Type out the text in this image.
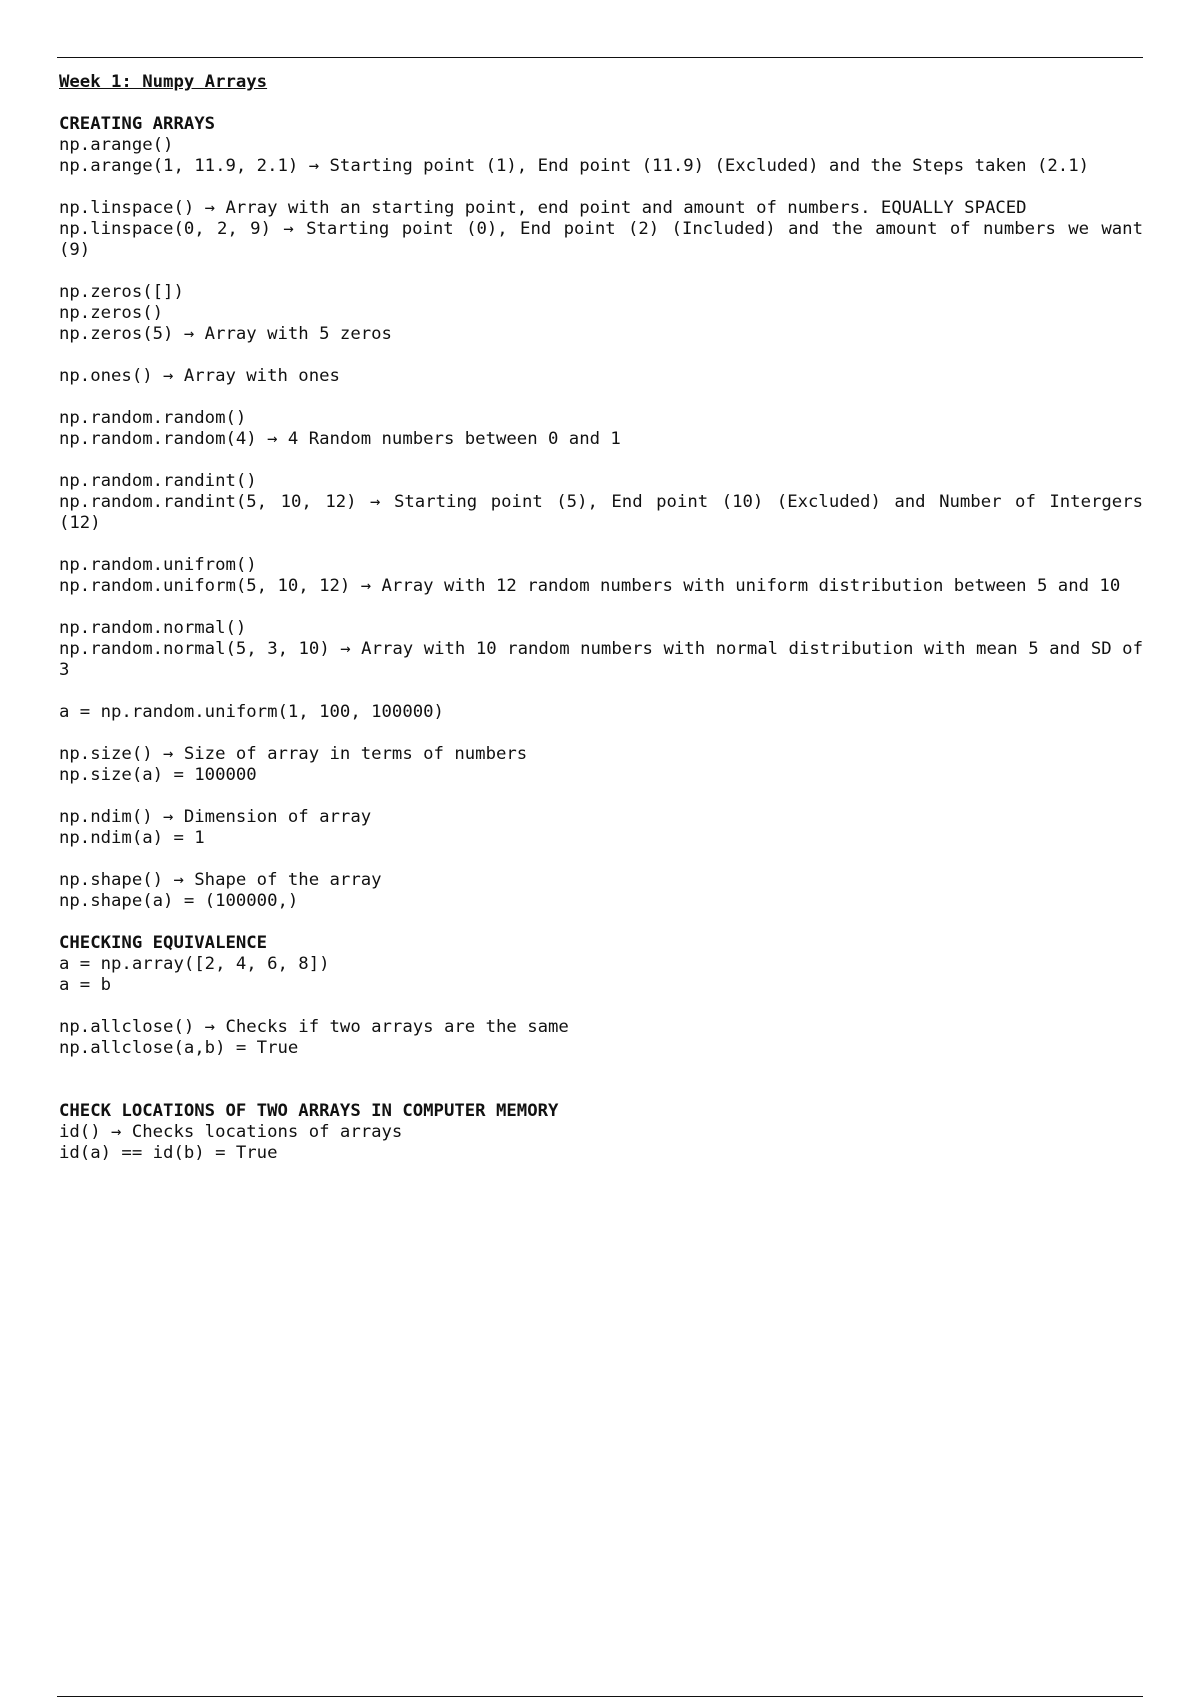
Week 1: Numpy Arrays

CREATING ARRAYS

np.arange()

np.arange(1, 11.9, 2.1) → Starting point (1), End point (11.9) (Excluded) and the Steps taken (2.1)

np.linspace() → Array with an starting point, end point and amount of numbers. EQUALLY SPACED

np.linspace(0, 2, 9) → Starting point (0), End point (2) (Included) and the amount of numbers we want (9)

np.zeros([])

np.zeros()

np.zeros(5) → Array with 5 zeros

np.ones() → Array with ones

np.random.random()

np.random.random(4) → 4 Random numbers between 0 and 1

np.random.randint()

np.random.randint(5, 10, 12) → Starting point (5), End point (10) (Excluded) and Number of Intergers (12)

np.random.unifrom()

np.random.uniform(5, 10, 12) → Array with 12 random numbers with uniform distribution between 5 and 10

np.random.normal()

np.random.normal(5, 3, 10) → Array with 10 random numbers with normal distribution with mean 5 and SD of 3

a = np.random.uniform(1, 100, 100000)

np.size() → Size of array in terms of numbers

np.size(a) = 100000

np.ndim() → Dimension of array

np.ndim(a) = 1

np.shape() → Shape of the array

np.shape(a) = (100000,)

CHECKING EQUIVALENCE

a = np.array([2, 4, 6, 8])

a = b

np.allclose() → Checks if two arrays are the same

np.allclose(a,b) = True

CHECK LOCATIONS OF TWO ARRAYS IN COMPUTER MEMORY

id() → Checks locations of arrays

id(a) == id(b) = True
